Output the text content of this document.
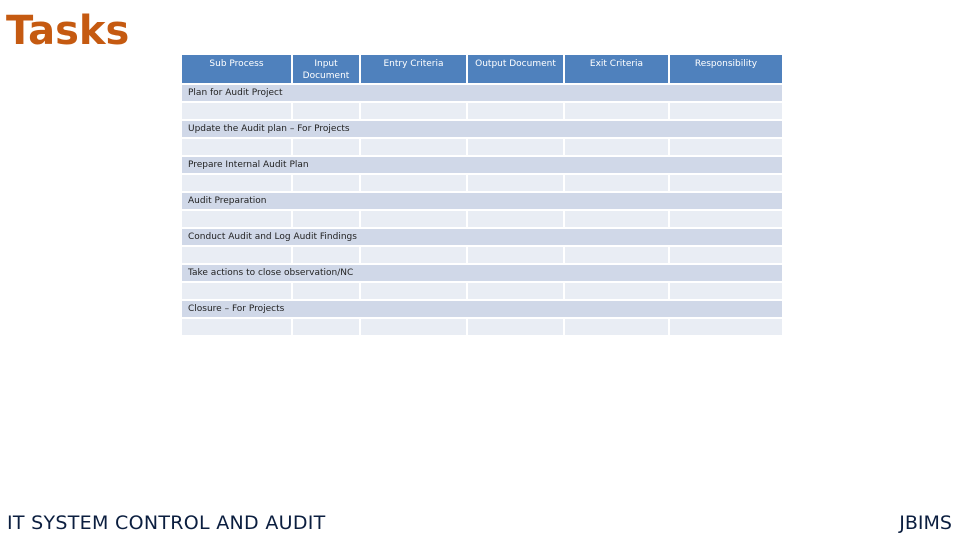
Tasks
Sub Process	Input Document	Entry Criteria	Output Document	Exit Criteria	Responsibility
Plan for Audit Project					

Update the Audit plan – For Projects					

Prepare Internal Audit Plan					

Audit Preparation					

Conduct Audit and Log Audit Findings					

Take actions to close observation/NC					

Closure – For Projects					

IT SYSTEM CONTROL AND AUDIT	JBIMS
